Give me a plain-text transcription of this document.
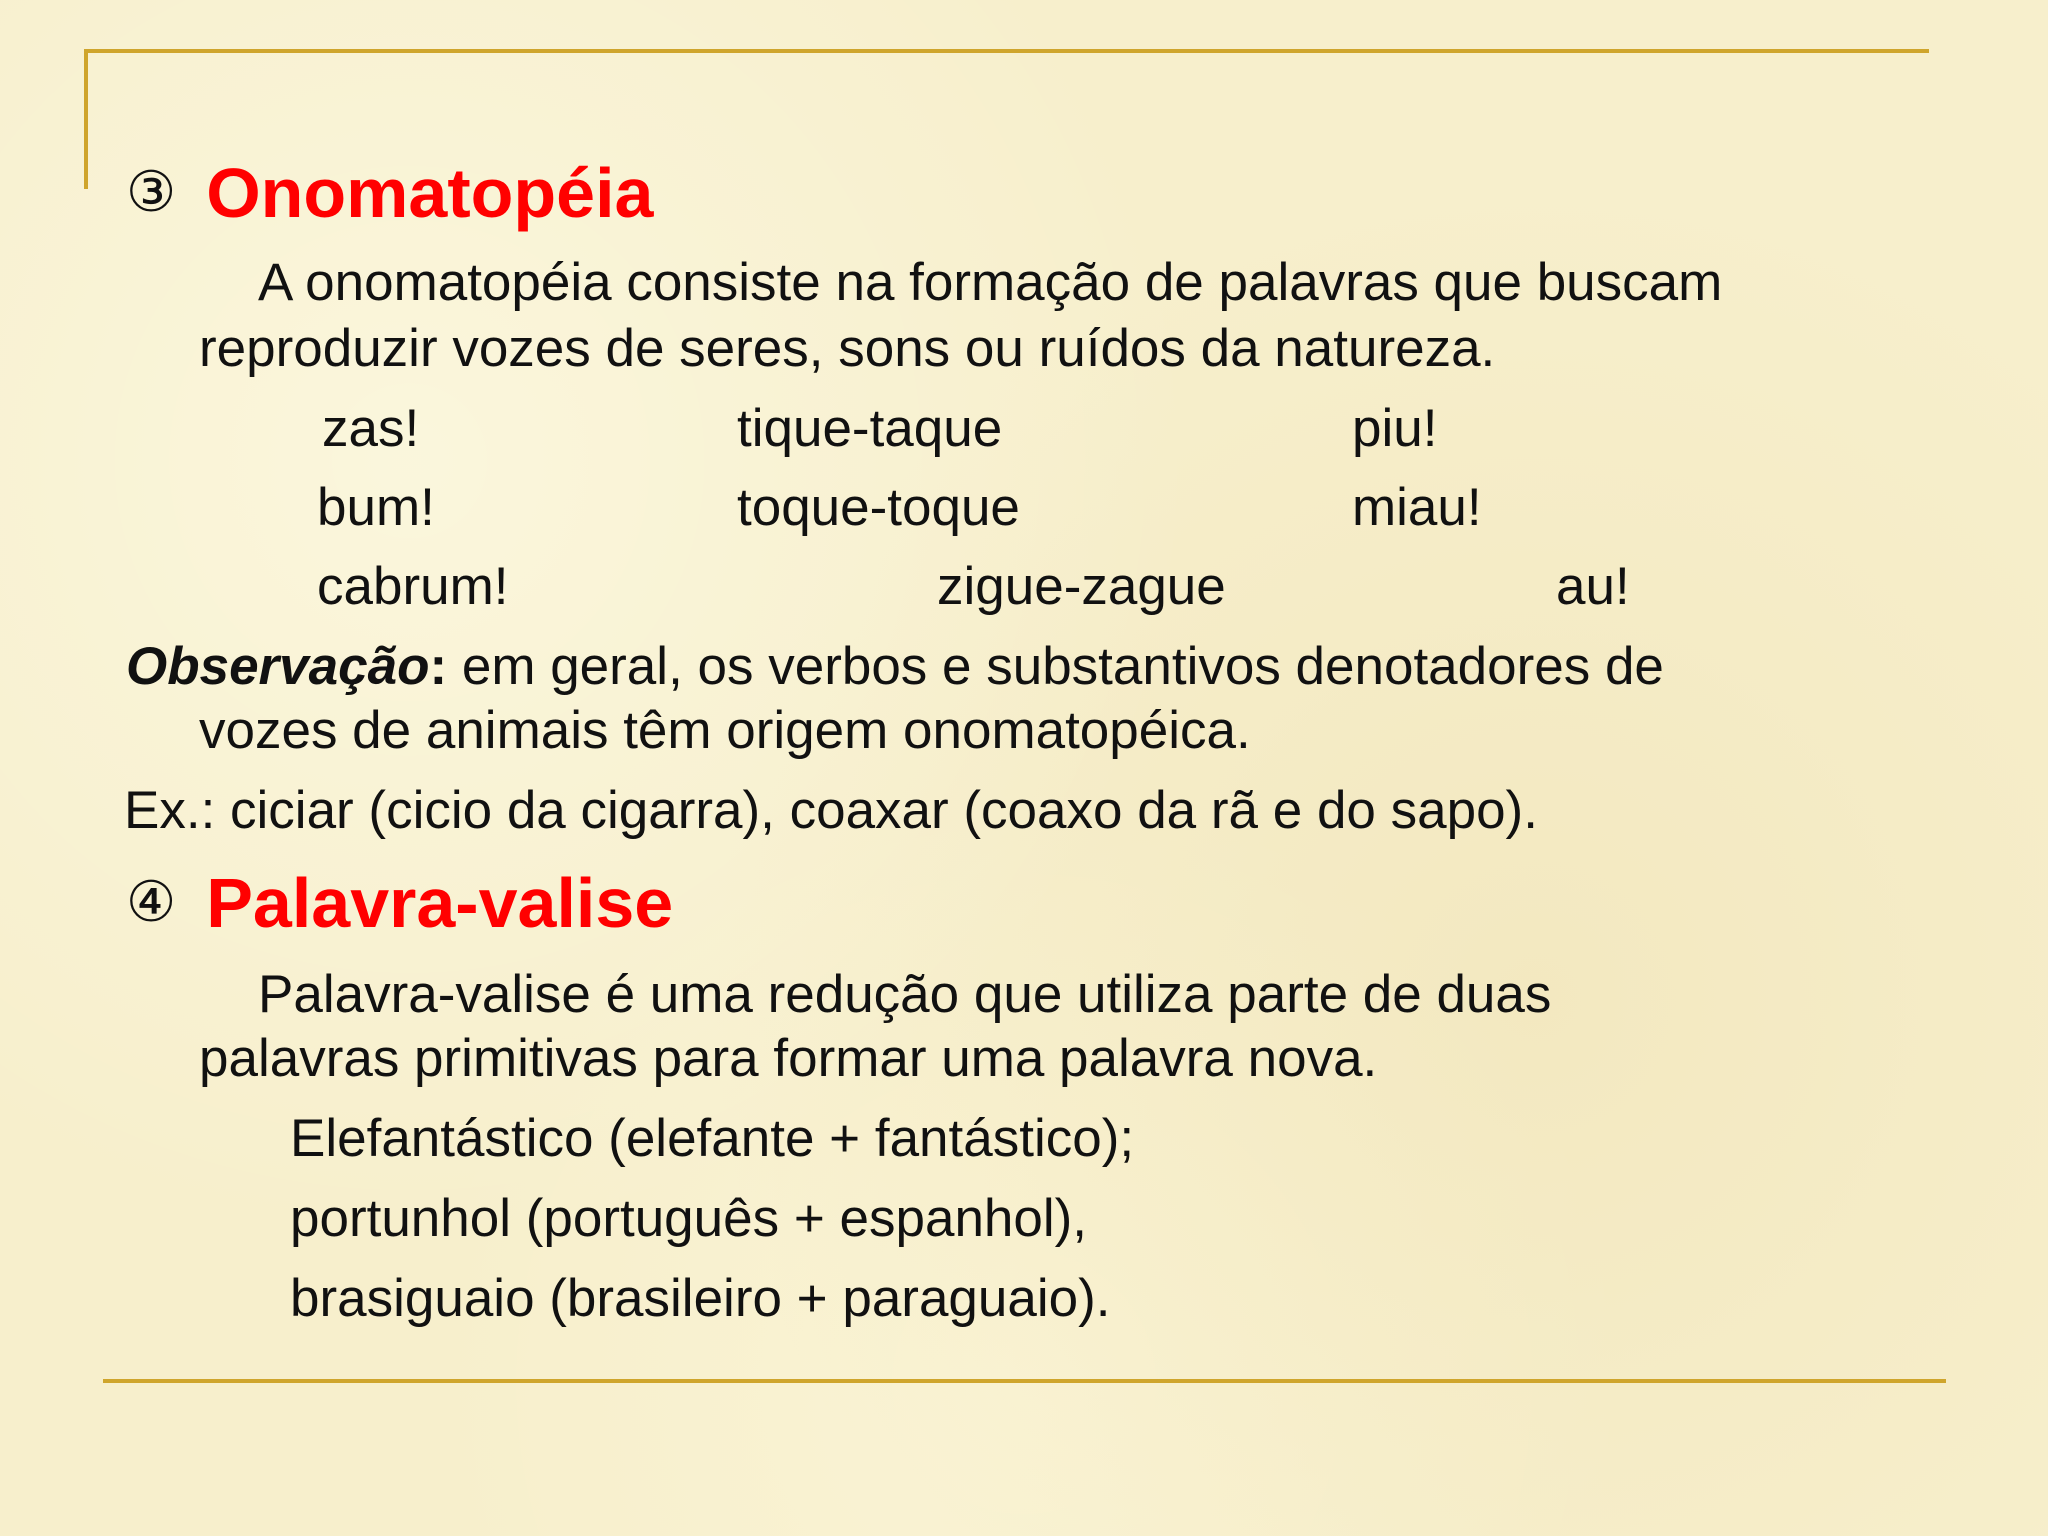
③ Onomatopéia
A onomatopéia consiste na formação de palavras que buscam
reproduzir vozes de seres, sons ou ruídos da natureza.
zas!	tique-taque	piu!
bum!	toque-toque	miau!
cabrum!	zigue-zague	au!
Observação: em geral, os verbos e substantivos denotadores de
vozes de animais têm origem onomatopéica.
Ex.: ciciar (cicio da cigarra), coaxar (coaxo da rã e do sapo).
④ Palavra-valise
Palavra-valise é uma redução que utiliza parte de duas
palavras primitivas para formar uma palavra nova.
Elefantástico (elefante + fantástico);
portunhol (português + espanhol),
brasiguaio (brasileiro + paraguaio).
